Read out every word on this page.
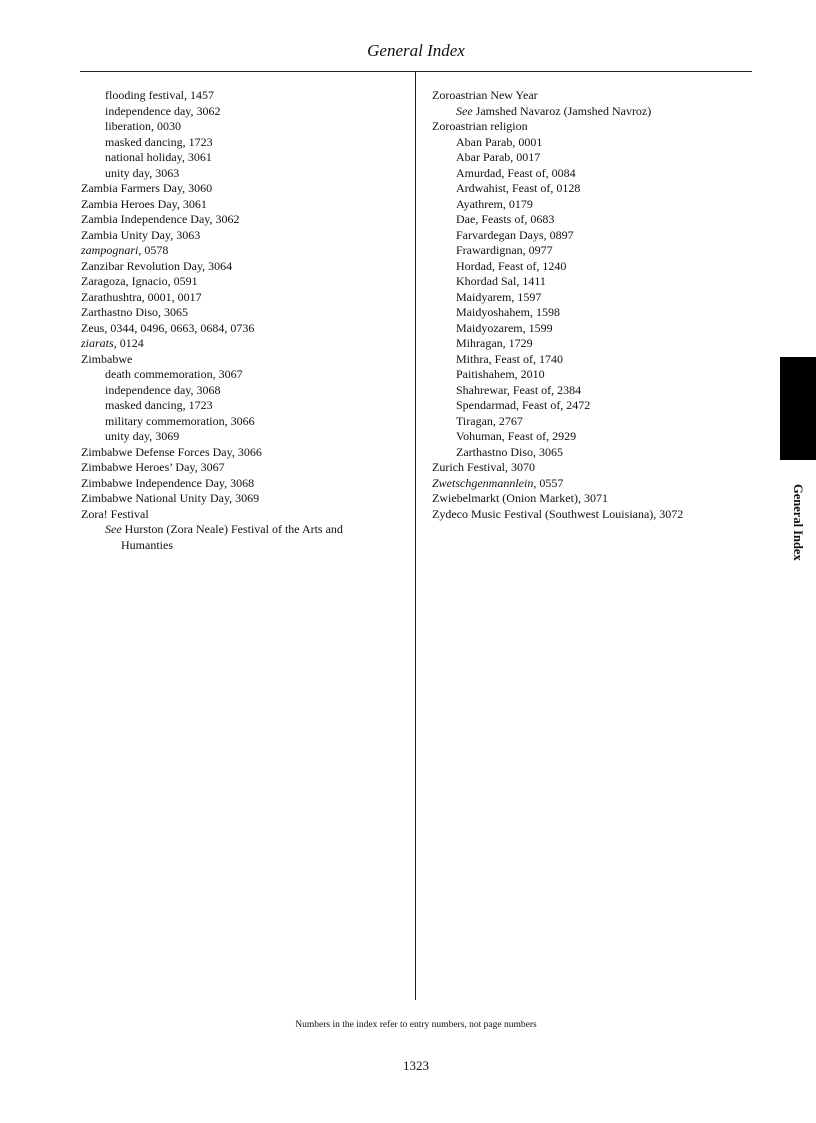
General Index
flooding festival, 1457
independence day, 3062
liberation, 0030
masked dancing, 1723
national holiday, 3061
unity day, 3063
Zambia Farmers Day, 3060
Zambia Heroes Day, 3061
Zambia Independence Day, 3062
Zambia Unity Day, 3063
zampognari, 0578
Zanzibar Revolution Day, 3064
Zaragoza, Ignacio, 0591
Zarathushtra, 0001, 0017
Zarthastno Diso, 3065
Zeus, 0344, 0496, 0663, 0684, 0736
ziarats, 0124
Zimbabwe
death commemoration, 3067
independence day, 3068
masked dancing, 1723
military commemoration, 3066
unity day, 3069
Zimbabwe Defense Forces Day, 3066
Zimbabwe Heroes’ Day, 3067
Zimbabwe Independence Day, 3068
Zimbabwe National Unity Day, 3069
Zora! Festival
See Hurston (Zora Neale) Festival of the Arts and
Humanties
Zoroastrian New Year
See Jamshed Navaroz (Jamshed Navroz)
Zoroastrian religion
Aban Parab, 0001
Abar Parab, 0017
Amurdad, Feast of, 0084
Ardwahist, Feast of, 0128
Ayathrem, 0179
Dae, Feasts of, 0683
Farvardegan Days, 0897
Frawardignan, 0977
Hordad, Feast of, 1240
Khordad Sal, 1411
Maidyarem, 1597
Maidyoshahem, 1598
Maidyozarem, 1599
Mihragan, 1729
Mithra, Feast of, 1740
Paitishahem, 2010
Shahrewar, Feast of, 2384
Spendarmad, Feast of, 2472
Tiragan, 2767
Vohuman, Feast of, 2929
Zarthastno Diso, 3065
Zurich Festival, 3070
Zwetschgenmannlein, 0557
Zwiebelmarkt (Onion Market), 3071
Zydeco Music Festival (Southwest Louisiana), 3072	General Index
Numbers in the index refer to entry numbers, not page numbers
1323
